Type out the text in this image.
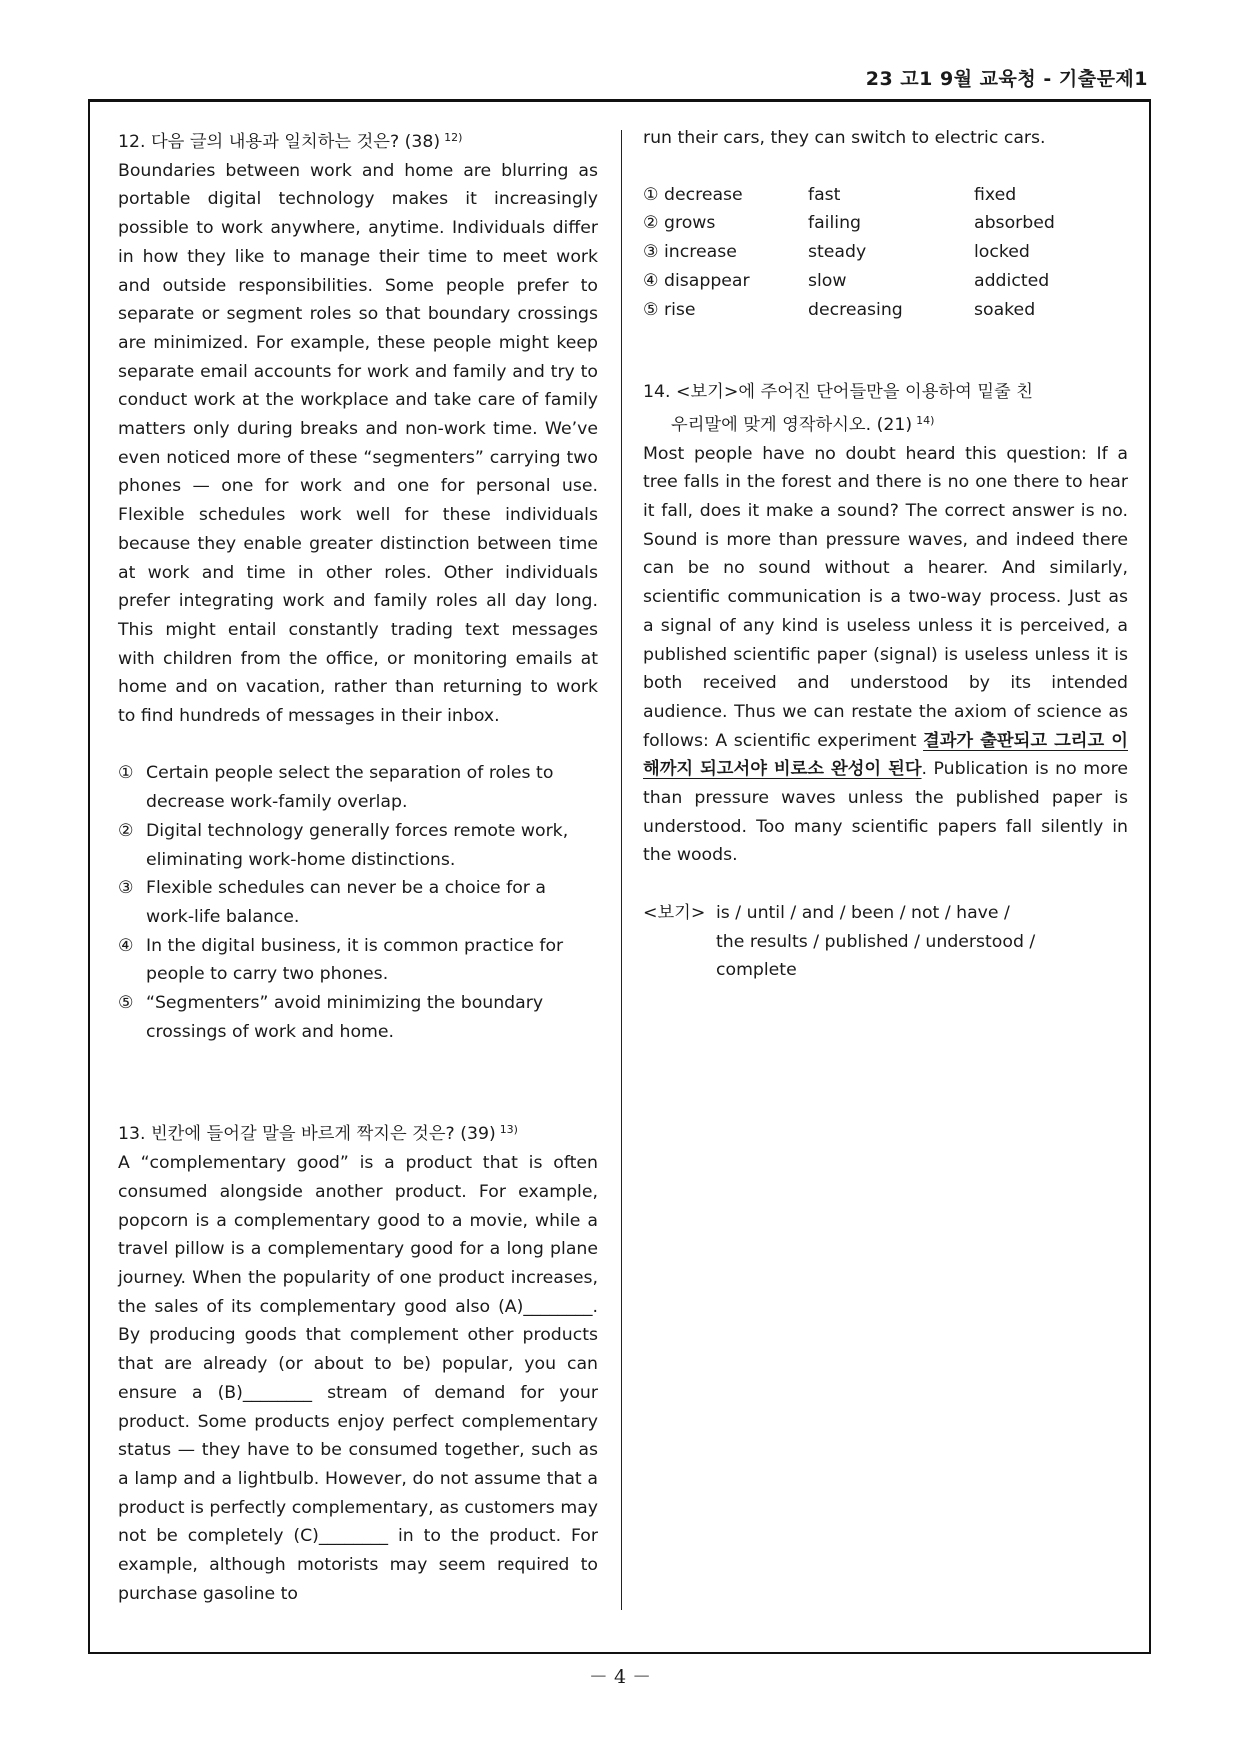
23 고1 9월 교육청 - 기출문제1

12. 다음 글의 내용과 일치하는 것은? (38) $^{12)}$

Boundaries between work and home are blurring as portable digital technology makes it increasingly possible to work anywhere, anytime. Individuals differ in how they like to manage their time to meet work and outside responsibilities. Some people prefer to separate or segment roles so that boundary crossings are minimized. For example, these people might keep separate email accounts for work and family and try to conduct work at the workplace and take care of family matters only during breaks and non-work time. We’ve even noticed more of these “segmenters” carrying two phones — one for work and one for personal use. Flexible schedules work well for these individuals because they enable greater distinction between time at work and time in other roles. Other individuals prefer integrating work and family roles all day long. This might entail constantly trading text messages with children from the office, or monitoring emails at home and on vacation, rather than returning to work to find hundreds of messages in their inbox.

① Certain people select the separation of roles to decrease work-family overlap.
② Digital technology generally forces remote work, eliminating work-home distinctions.
③ Flexible schedules can never be a choice for a work-life balance.
④ In the digital business, it is common practice for people to carry two phones.
⑤ “Segmenters” avoid minimizing the boundary crossings of work and home.

13. 빈칸에 들어갈 말을 바르게 짝지은 것은? (39) $^{13)}$

A “complementary good” is a product that is often consumed alongside another product. For example, popcorn is a complementary good to a movie, while a travel pillow is a complementary good for a long plane journey. When the popularity of one product increases, the sales of its complementary good also (A)________. By producing goods that complement other products that are already (or about to be) popular, you can ensure a (B)________ stream of demand for your product. Some products enjoy perfect complementary status — they have to be consumed together, such as a lamp and a lightbulb. However, do not assume that a product is perfectly complementary, as customers may not be completely (C)________ in to the product. For example, although motorists may seem required to purchase gasoline to

run their cars, they can switch to electric cars.

① decrease	fast	fixed
② grows	failing	absorbed
③ increase	steady	locked
④ disappear	slow	addicted
⑤ rise	decreasing	soaked

14. <보기>에 주어진 단어들만을 이용하여 밑줄 친
우리말에 맞게 영작하시오. (21) $^{14)}$

Most people have no doubt heard this question: If a tree falls in the forest and there is no one there to hear it fall, does it make a sound? The correct answer is no. Sound is more than pressure waves, and indeed there can be no sound without a hearer. And similarly, scientific communication is a two-way process. Just as a signal of any kind is useless unless it is perceived, a published scientific paper (signal) is useless unless it is both received and understood by its intended audience. Thus we can restate the axiom of science as follows: A scientific experiment 결과가 출판되고 그리고 이해까지 되고서야 비로소 완성이 된다. Publication is no more than pressure waves unless the published paper is understood. Too many scientific papers fall silently in the woods.

<보기> is / until / and / been / not / have /
the results / published / understood /
complete
－ 4 －
